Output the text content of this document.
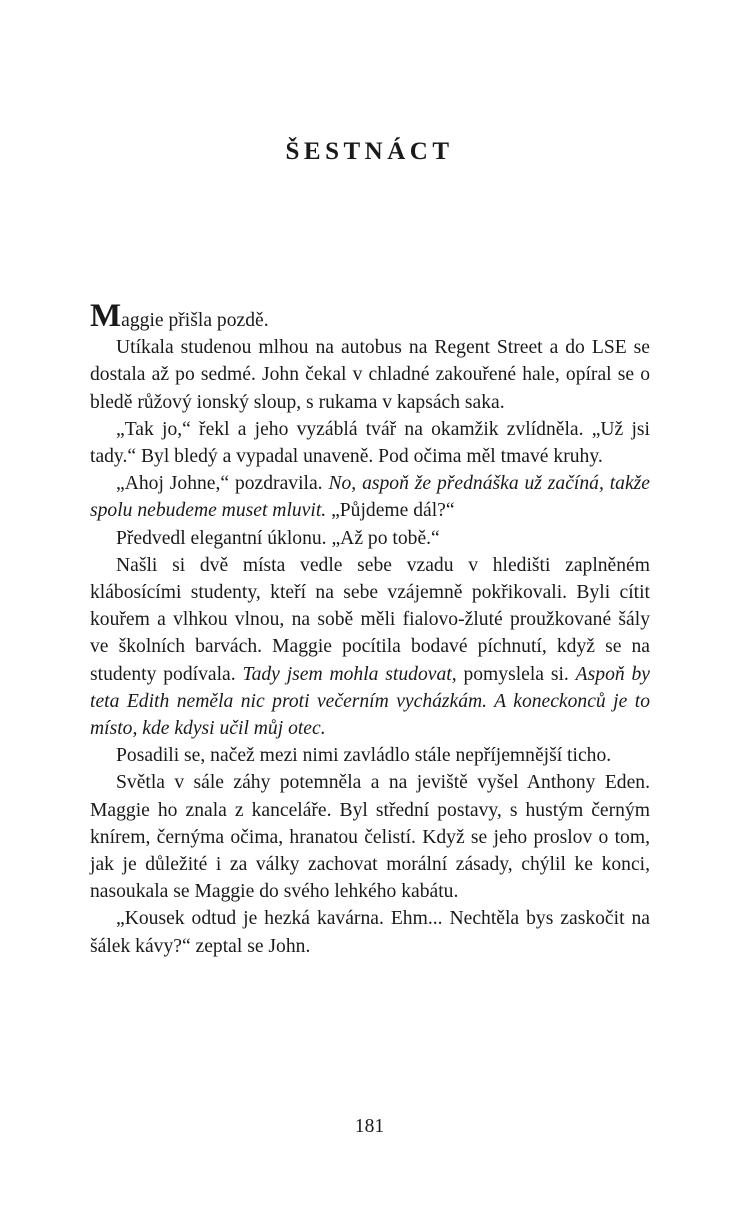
ŠESTNÁCT

Maggie přišla pozdě.

Utíkala studenou mlhou na autobus na Regent Street a do LSE se dostala až po sedmé. John čekal v chladné zakouřené hale, opíral se o bledě růžový ionský sloup, s rukama v kapsách saka.

„Tak jo,“ řekl a jeho vyzáblá tvář na okamžik zvlídněla. „Už jsi tady.“ Byl bledý a vypadal unaveně. Pod očima měl tmavé kruhy.

„Ahoj Johne,“ pozdravila. No, aspoň že přednáška už začíná, takže spolu nebudeme muset mluvit. „Půjdeme dál?“

Předvedl elegantní úklonu. „Až po tobě.“

Našli si dvě místa vedle sebe vzadu v hledišti zaplněném klábosícími studenty, kteří na sebe vzájemně pokřikovali. Byli cítit kouřem a vlhkou vlnou, na sobě měli fialovo-žluté proužkované šály ve školních barvách. Maggie pocítila bodavé píchnutí, když se na studenty podívala. Tady jsem mohla studovat, pomyslela si. Aspoň by teta Edith neměla nic proti večerním vycházkám. A koneckonců je to místo, kde kdysi učil můj otec.

Posadili se, načež mezi nimi zavládlo stále nepříjemnější ticho.

Světla v sále záhy potemněla a na jeviště vyšel Anthony Eden. Maggie ho znala z kanceláře. Byl střední postavy, s hustým černým knírem, černýma očima, hranatou čelistí. Když se jeho proslov o tom, jak je důležité i za války zachovat morální zásady, chýlil ke konci, nasoukala se Maggie do svého lehkého kabátu.

„Kousek odtud je hezká kavárna. Ehm... Nechtěla bys zaskočit na šálek kávy?“ zeptal se John.

181
